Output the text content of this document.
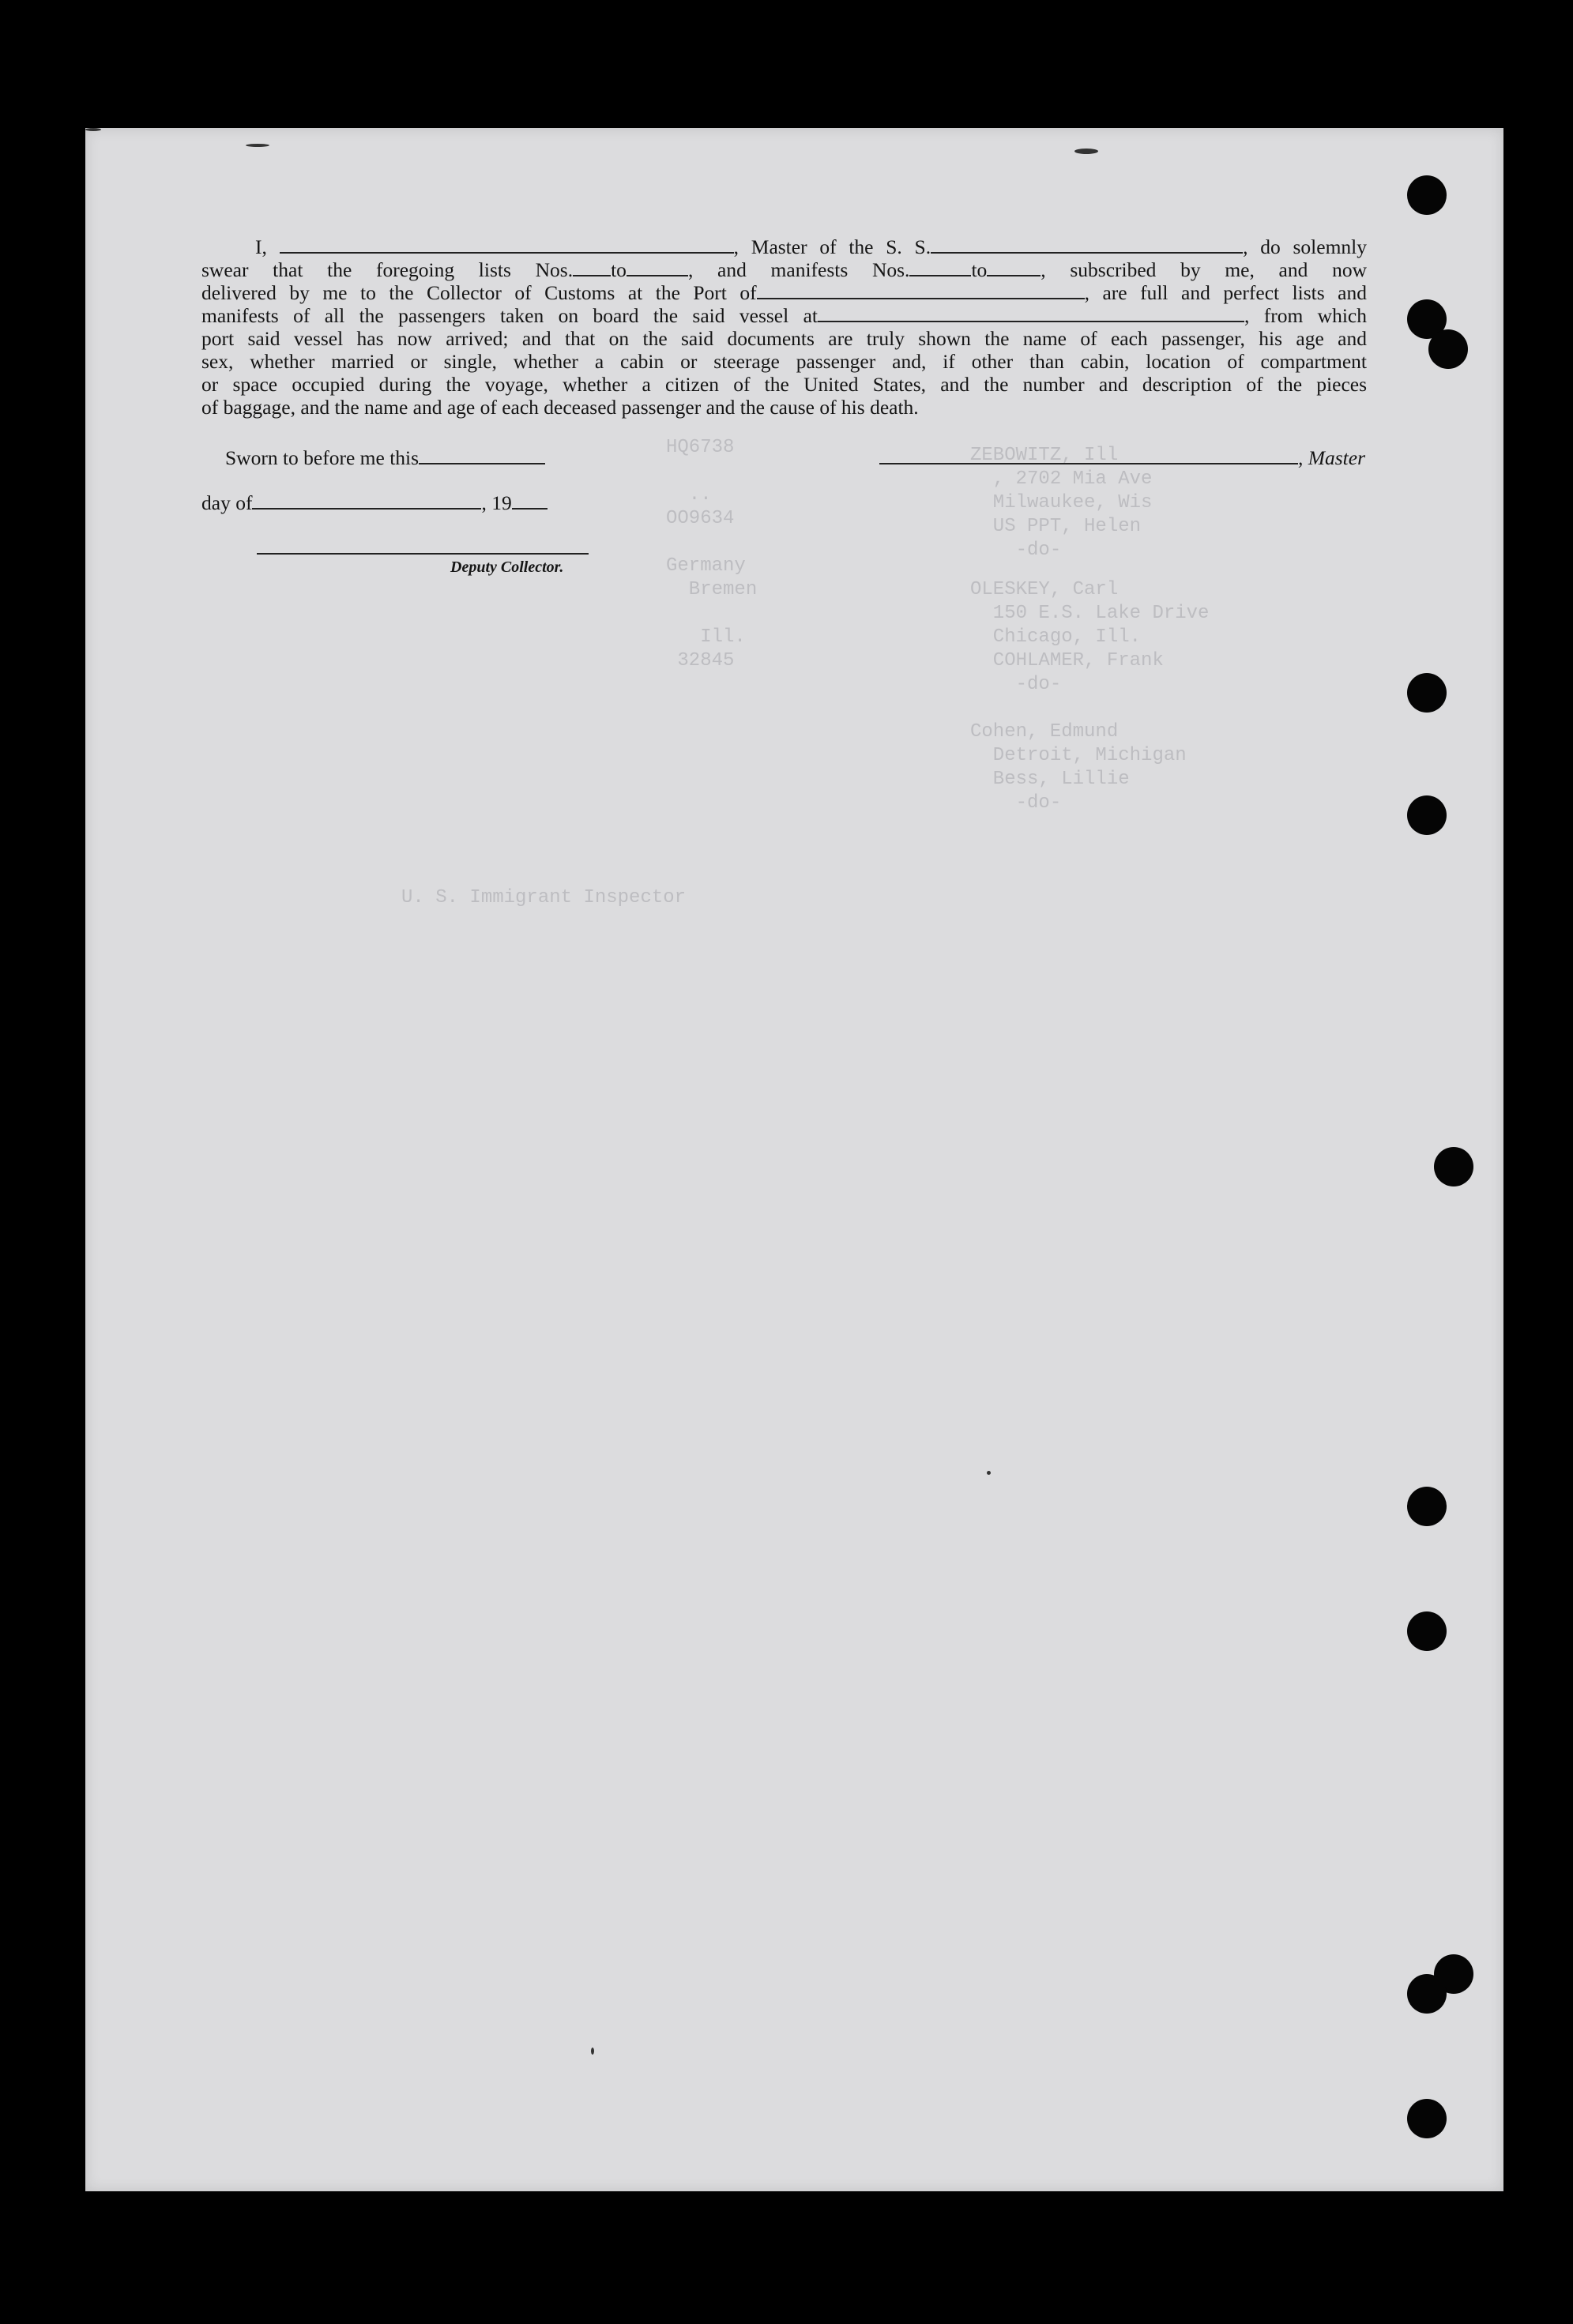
HQ6738

..
OO9634

Germany
Bremen

Ill.
32845
ZEBOWITZ, Ill
, 2702 Mia Ave
Milwaukee, Wis
US PPT, Helen
-do-
OLESKEY, Carl
150 E.S. Lake Drive
Chicago, Ill.
COHLAMER, Frank
-do-
Cohen, Edmund
Detroit, Michigan
Bess, Lillie
-do-
U. S. Immigrant Inspector
I,	, Master of the S. S.	, do solemnly
swear that the foregoing lists Nos. to	, and manifests Nos.	to	, subscribed by me, and now
delivered by me to the Collector of Customs at the Port of	, are full and perfect lists and
manifests of all the passengers taken on board the said vessel at	, from which
port said vessel has now arrived; and that on the said documents are truly shown the name of each passenger, his age and
sex, whether married or single, whether a cabin or steerage passenger and, if other than cabin, location of compartment
or space occupied during the voyage, whether a citizen of the United States, and the number and description of the pieces
of baggage, and the name and age of each deceased passenger and the cause of his death.
Sworn to before me this	, Master
day of	, 19
Deputy Collector.
